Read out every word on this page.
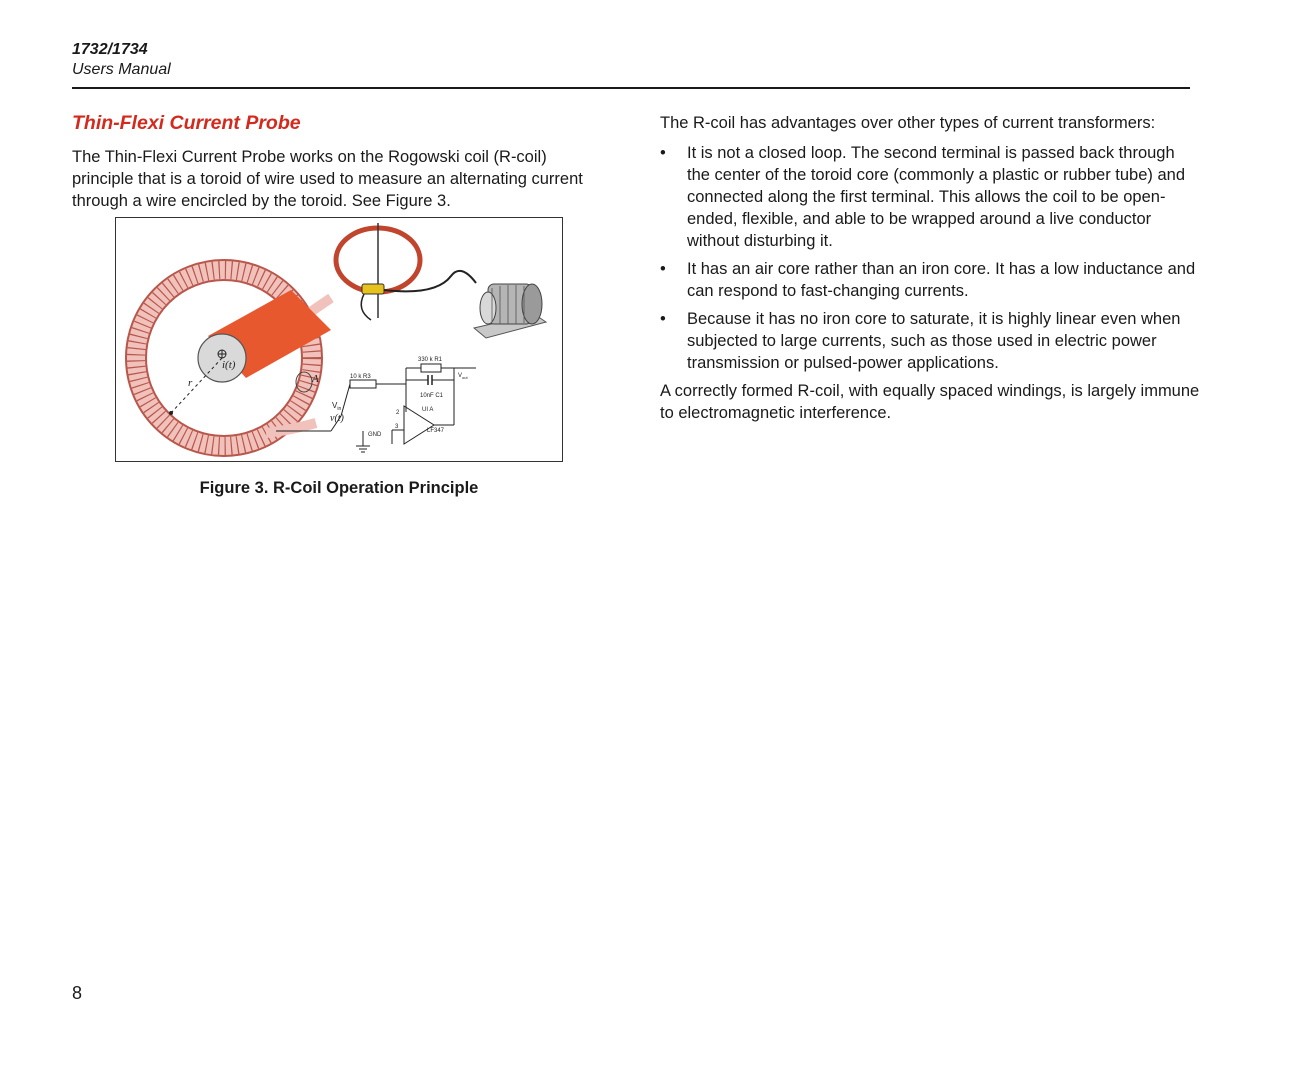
1732/1734
Users Manual
Thin-Flexi Current Probe

The Thin-Flexi Current Probe works on the Rogowski coil (R-coil) principle that is a toroid of wire used to measure an alternating current through a wire encircled by the toroid. See Figure 3.

i(t)
r	A	10 k R3
330 k R1
10nF C1
$V_{out}$
2
3
UI A
LF347
$V_{in}$
v(t)
GND
Figure 3. R-Coil Operation Principle

The R-coil has advantages over other types of current transformers:

•	It is not a closed loop. The second terminal is passed back through the center of the toroid core (commonly a plastic or rubber tube) and connected along the first terminal. This allows the coil to be open-ended, flexible, and able to be wrapped around a live conductor without disturbing it.
•	It has an air core rather than an iron core. It has a low inductance and can respond to fast-changing currents.
•	Because it has no iron core to saturate, it is highly linear even when subjected to large currents, such as those used in electric power transmission or pulsed-power applications.

A correctly formed R-coil, with equally spaced windings, is largely immune to electromagnetic interference.

8
